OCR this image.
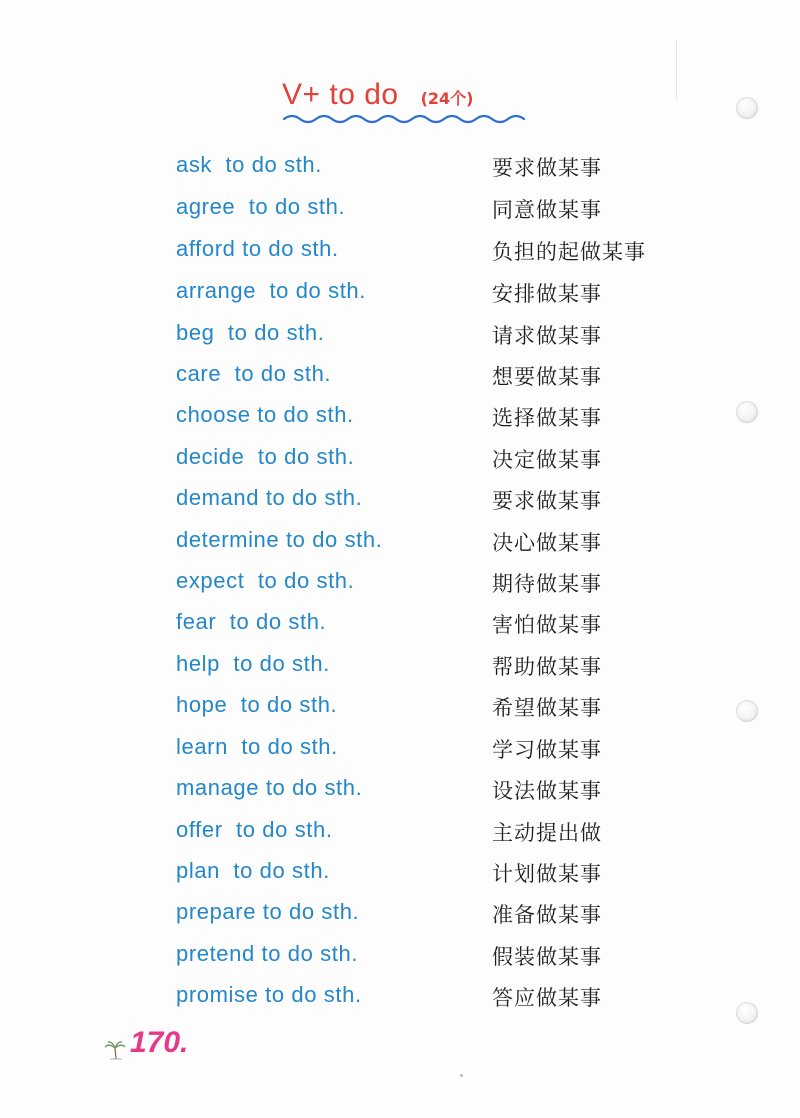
V+ to do (24个)
ask  to do sth.	要求做某事
agree  to do sth.	同意做某事
afford to do sth.	负担的起做某事
arrange  to do sth.	安排做某事
beg  to do sth.	请求做某事
care  to do sth.	想要做某事
choose to do sth.	选择做某事
decide  to do sth.	决定做某事
demand to do sth.	要求做某事
determine to do sth.	决心做某事
expect  to do sth.	期待做某事
fear  to do sth.	害怕做某事
help  to do sth.	帮助做某事
hope  to do sth.	希望做某事
learn  to do sth.	学习做某事
manage to do sth.	设法做某事
offer  to do sth.	主动提出做
plan  to do sth.	计划做某事
prepare to do sth.	准备做某事
pretend to do sth.	假装做某事
promise to do sth.	答应做某事
170.
